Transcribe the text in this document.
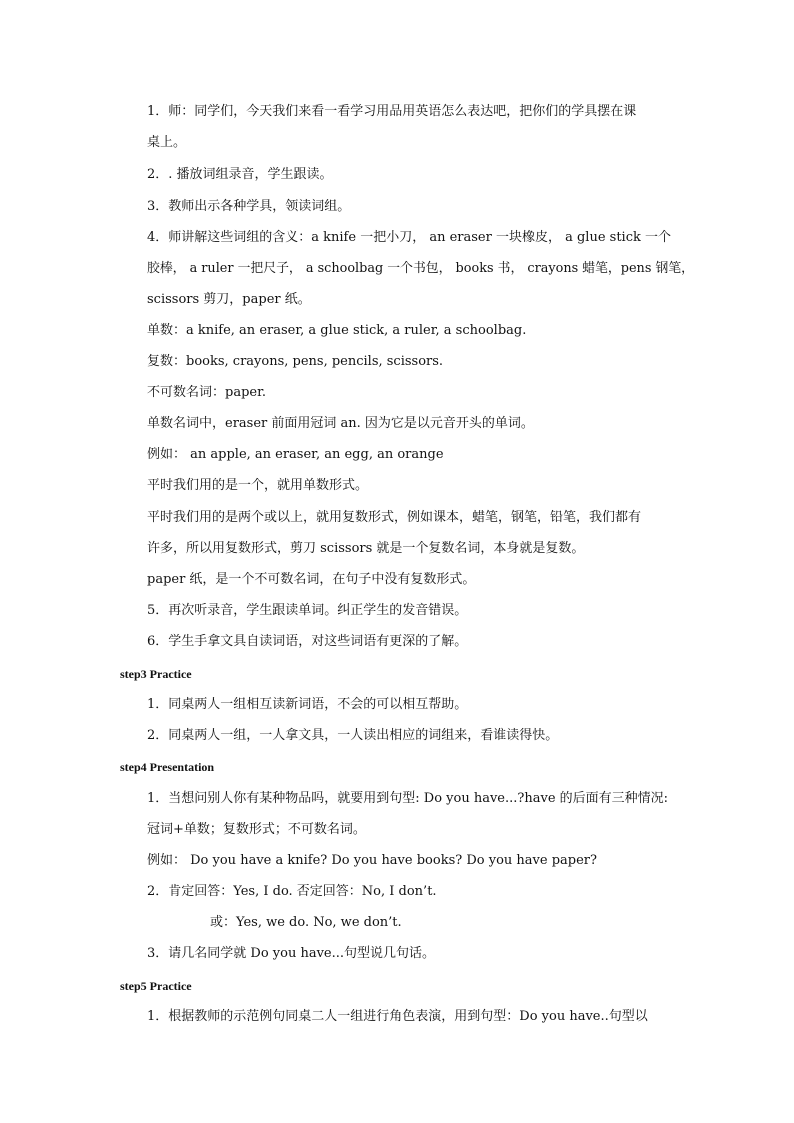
1．师：同学们，今天我们来看一看学习用品用英语怎么表达吧，把你们的学具摆在课
桌上。
2．. 播放词组录音，学生跟读。
3．教师出示各种学具，领读词组。
4．师讲解这些词组的含义：a knife 一把小刀， an eraser 一块橡皮， a glue stick 一个
胶棒， a ruler 一把尺子， a schoolbag 一个书包， books 书， crayons 蜡笔，pens 钢笔，
scissors 剪刀，paper 纸。
单数：a knife, an eraser, a glue stick, a ruler, a schoolbag.
复数：books, crayons, pens, pencils, scissors.
不可数名词：paper.
单数名词中，eraser 前面用冠词 an. 因为它是以元音开头的单词。
例如： an apple, an eraser, an egg, an orange
平时我们用的是一个，就用单数形式。
平时我们用的是两个或以上，就用复数形式，例如课本，蜡笔，钢笔，铅笔，我们都有
许多，所以用复数形式，剪刀 scissors 就是一个复数名词，本身就是复数。
paper 纸，是一个不可数名词，在句子中没有复数形式。
5．再次听录音，学生跟读单词。纠正学生的发音错误。
6．学生手拿文具自读词语，对这些词语有更深的了解。
step3 Practice
1．同桌两人一组相互读新词语，不会的可以相互帮助。
2．同桌两人一组，一人拿文具，一人读出相应的词组来，看谁读得快。
step4 Presentation
1．当想问别人你有某种物品吗，就要用到句型: Do you have...?have 的后面有三种情况:
冠词+单数；复数形式；不可数名词。
例如： Do you have a knife? Do you have books? Do you have paper?
2．肯定回答：Yes, I do. 否定回答：No, I don’t.
或：Yes, we do. No, we don’t.
3．请几名同学就 Do you have...句型说几句话。
step5 Practice
1．根据教师的示范例句同桌二人一组进行角色表演，用到句型：Do you have..句型以
